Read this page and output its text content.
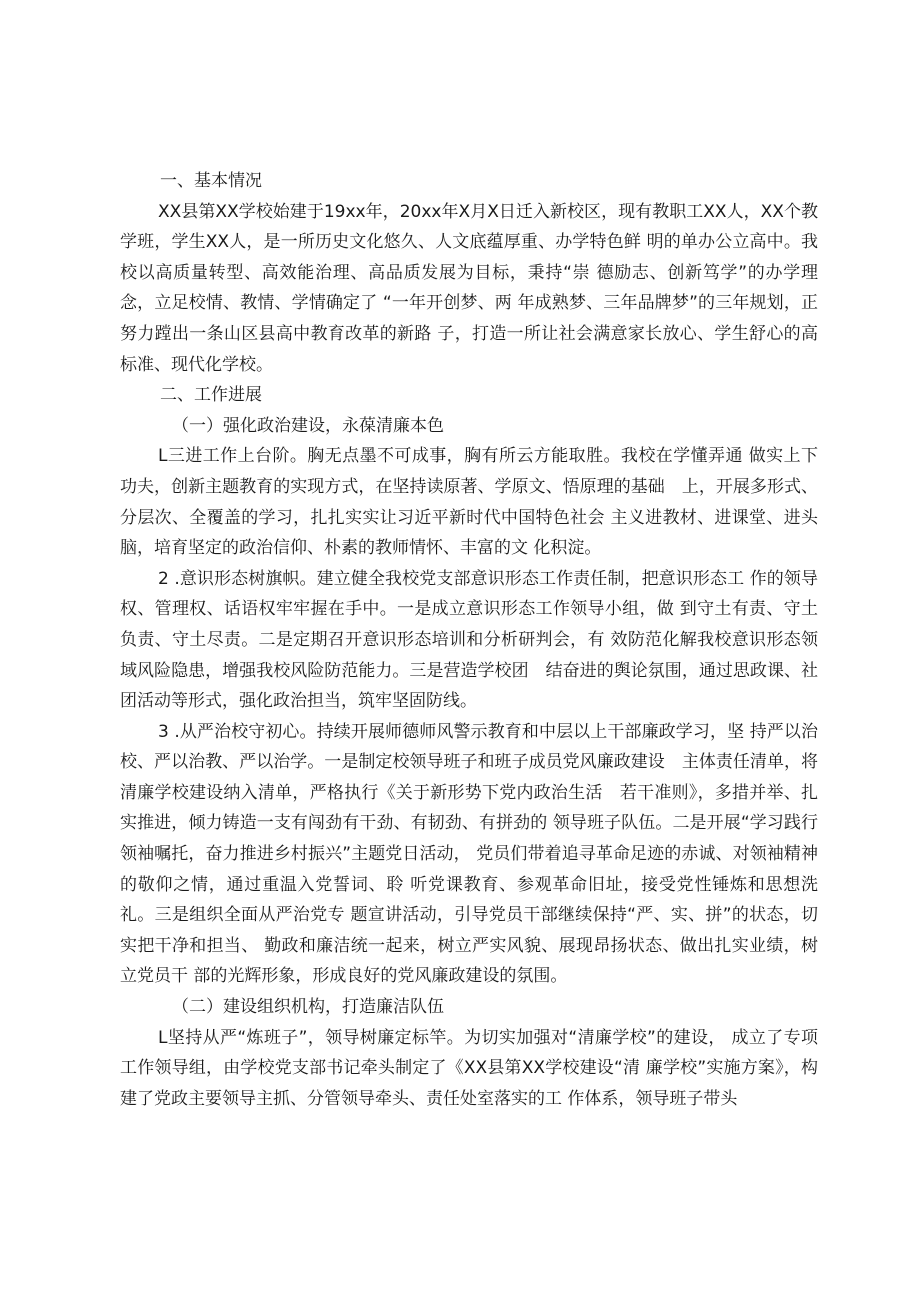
一、基本情况

XX县第XX学校始建于19xx年，20xx年X月X日迁入新校区，现有教职工XX人，XX个教学班，学生XX人，是一所历史文化悠久、人文底蕴厚重、办学特色鲜 明的单办公立高中。我校以高质量转型、高效能治理、高品质发展为目标，秉持“崇 德励志、创新笃学”的办学理念，立足校情、教情、学情确定了 “一年开创梦、两 年成熟梦、三年品牌梦”的三年规划，正努力蹚出一条山区县高中教育改革的新路 子，打造一所让社会满意家长放心、学生舒心的高标准、现代化学校。

二、工作进展

（一）强化政治建设，永葆清廉本色

L三进工作上台阶。胸无点墨不可成事，胸有所云方能取胜。我校在学懂弄通 做实上下功夫，创新主题教育的实现方式，在坚持读原著、学原文、悟原理的基础　上，开展多形式、分层次、全覆盖的学习，扎扎实实让习近平新时代中国特色社会 主义进教材、进课堂、进头脑，培育坚定的政治信仰、朴素的教师情怀、丰富的文 化积淀。

2 .意识形态树旗帜。建立健全我校党支部意识形态工作责任制，把意识形态工 作的领导权、管理权、话语权牢牢握在手中。一是成立意识形态工作领导小组，做 到守土有责、守土负责、守土尽责。二是定期召开意识形态培训和分析研判会，有 效防范化解我校意识形态领域风险隐患，增强我校风险防范能力。三是营造学校团　结奋进的舆论氛围，通过思政课、社团活动等形式，强化政治担当，筑牢坚固防线。

3 .从严治校守初心。持续开展师德师风警示教育和中层以上干部廉政学习，坚 持严以治校、严以治教、严以治学。一是制定校领导班子和班子成员党风廉政建设　主体责任清单，将清廉学校建设纳入清单，严格执行《关于新形势下党内政治生活　若干准则》，多措并举、扎实推进，倾力铸造一支有闯劲有干劲、有韧劲、有拼劲的 领导班子队伍。二是开展“学习践行领袖嘱托，奋力推进乡村振兴”主题党日活动， 党员们带着追寻革命足迹的赤诚、对领袖精神的敬仰之情，通过重温入党誓词、聆 听党课教育、参观革命旧址，接受党性锤炼和思想洗礼。三是组织全面从严治党专 题宣讲活动，引导党员干部继续保持“严、实、拼”的状态，切实把干净和担当、 勤政和廉洁统一起来，树立严实风貌、展现昂扬状态、做出扎实业绩，树立党员干 部的光辉形象，形成良好的党风廉政建设的氛围。

（二）建设组织机构，打造廉洁队伍

L坚持从严“炼班子”，领导树廉定标竿。为切实加强对“清廉学校”的建设， 成立了专项工作领导组，由学校党支部书记牵头制定了《XX县第XX学校建设“清 廉学校”实施方案》，构建了党政主要领导主抓、分管领导牵头、责任处室落实的工 作体系，领导班子带头
